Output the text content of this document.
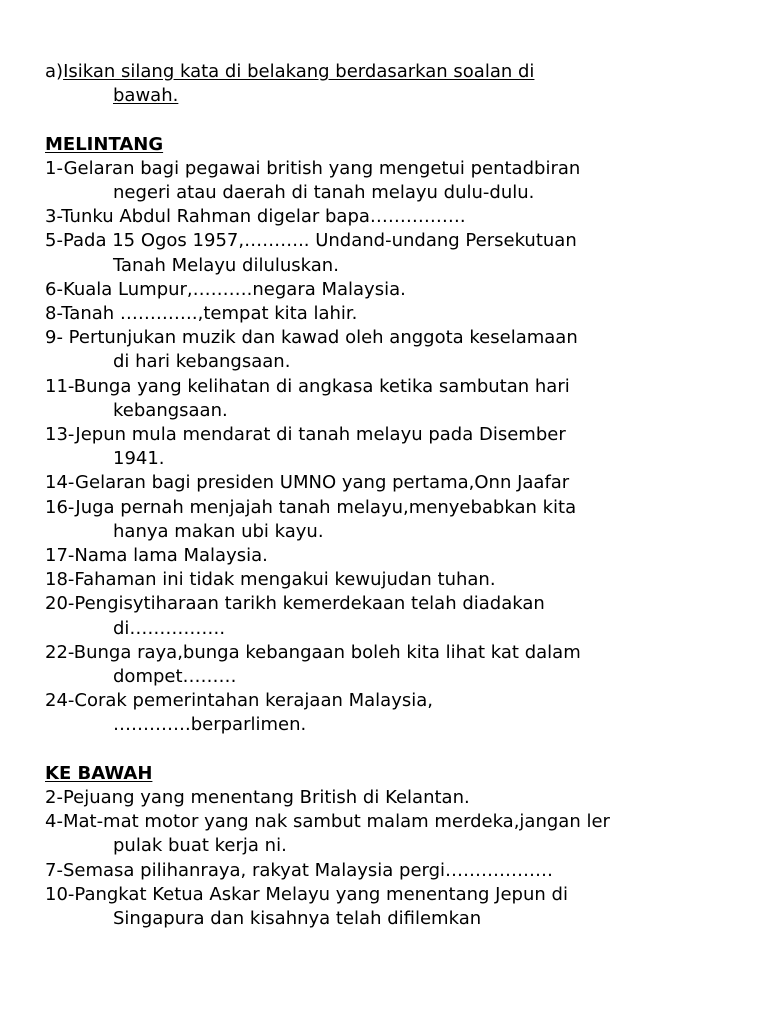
a)Isikan silang kata di belakang berdasarkan soalan di
bawah.
MELINTANG
1-Gelaran bagi pegawai british yang mengetui pentadbiran
negeri atau daerah di tanah melayu dulu-dulu.
3-Tunku Abdul Rahman digelar bapa…………….
5-Pada 15 Ogos 1957,……….. Undand-undang Persekutuan
Tanah Melayu diluluskan.
6-Kuala Lumpur,……….negara Malaysia.
8-Tanah ………….,tempat kita lahir.
9- Pertunjukan muzik dan kawad oleh anggota keselamaan
di hari kebangsaan.
11-Bunga yang kelihatan di angkasa ketika sambutan hari
kebangsaan.
13-Jepun mula mendarat di tanah melayu pada Disember
1941.
14-Gelaran bagi presiden UMNO yang pertama,Onn Jaafar
16-Juga pernah menjajah tanah melayu,menyebabkan kita
hanya makan ubi kayu.
17-Nama lama Malaysia.
18-Fahaman ini tidak mengakui kewujudan tuhan.
20-Pengisytiharaan tarikh kemerdekaan telah diadakan
di…………….
22-Bunga raya,bunga kebangaan boleh kita lihat kat dalam
dompet………
24-Corak pemerintahan kerajaan Malaysia,
………….berparlimen.
KE BAWAH
2-Pejuang yang menentang British di Kelantan.
4-Mat-mat motor yang nak sambut malam merdeka,jangan ler
pulak buat kerja ni.
7-Semasa pilihanraya, rakyat Malaysia pergi………………
10-Pangkat Ketua Askar Melayu yang menentang Jepun di
Singapura dan kisahnya telah difilemkan
